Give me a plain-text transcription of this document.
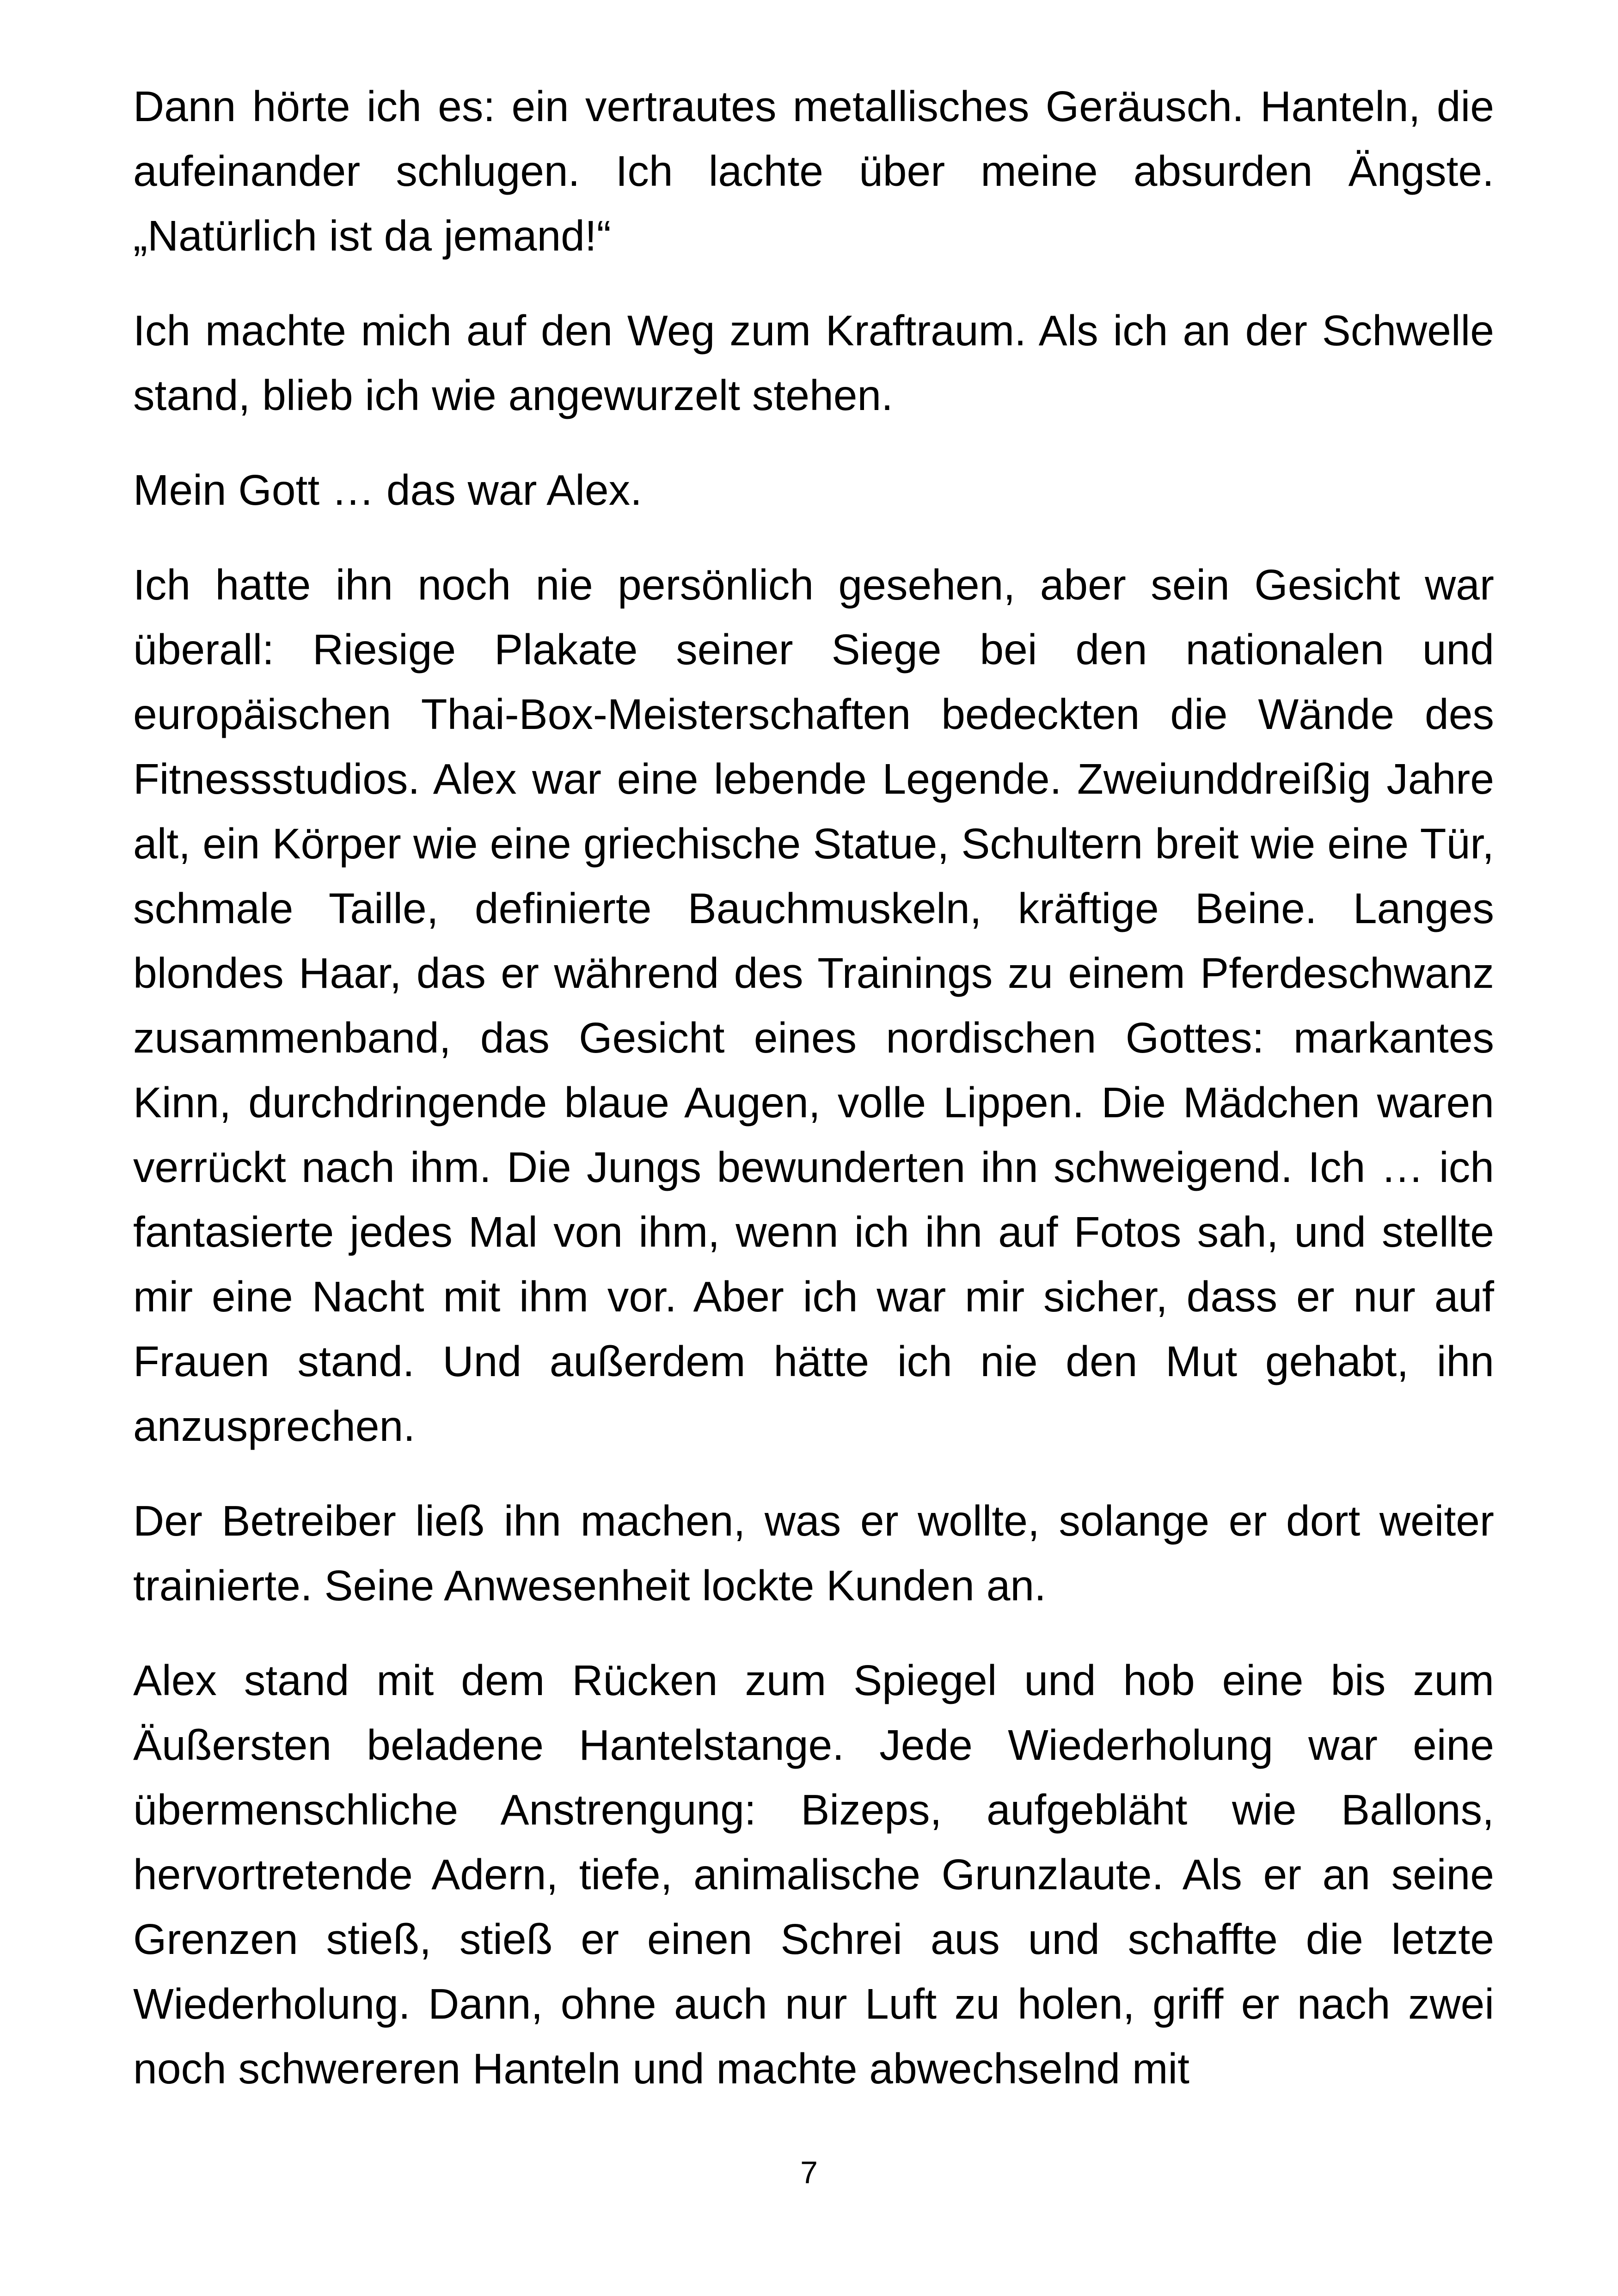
Dann hörte ich es: ein vertrautes metallisches Geräusch. Hanteln, die aufeinander schlugen. Ich lachte über meine absurden Ängste. „Natürlich ist da jemand!“

Ich machte mich auf den Weg zum Kraftraum. Als ich an der Schwelle stand, blieb ich wie angewurzelt stehen.

Mein Gott … das war Alex.

Ich hatte ihn noch nie persönlich gesehen, aber sein Gesicht war überall: Riesige Plakate seiner Siege bei den nationalen und europäischen Thai-Box-Meisterschaften bedeckten die Wände des Fitnessstudios. Alex war eine lebende Legende. Zweiunddreißig Jahre alt, ein Körper wie eine griechische Statue, Schultern breit wie eine Tür, schmale Taille, definierte Bauchmuskeln, kräftige Beine. Langes blondes Haar, das er während des Trainings zu einem Pferdeschwanz zusammenband, das Gesicht eines nordischen Gottes: markantes Kinn, durchdringende blaue Augen, volle Lippen. Die Mädchen waren verrückt nach ihm. Die Jungs bewunderten ihn schweigend. Ich … ich fantasierte jedes Mal von ihm, wenn ich ihn auf Fotos sah, und stellte mir eine Nacht mit ihm vor. Aber ich war mir sicher, dass er nur auf Frauen stand. Und außerdem hätte ich nie den Mut gehabt, ihn anzusprechen.

Der Betreiber ließ ihn machen, was er wollte, solange er dort weiter trainierte. Seine Anwesenheit lockte Kunden an.

Alex stand mit dem Rücken zum Spiegel und hob eine bis zum Äußersten beladene Hantelstange. Jede Wiederholung war eine übermenschliche Anstrengung: Bizeps, aufgebläht wie Ballons, hervortretende Adern, tiefe, animalische Grunzlaute. Als er an seine Grenzen stieß, stieß er einen Schrei aus und schaffte die letzte Wiederholung. Dann, ohne auch nur Luft zu holen, griff er nach zwei noch schwereren Hanteln und machte abwechselnd mit

7
